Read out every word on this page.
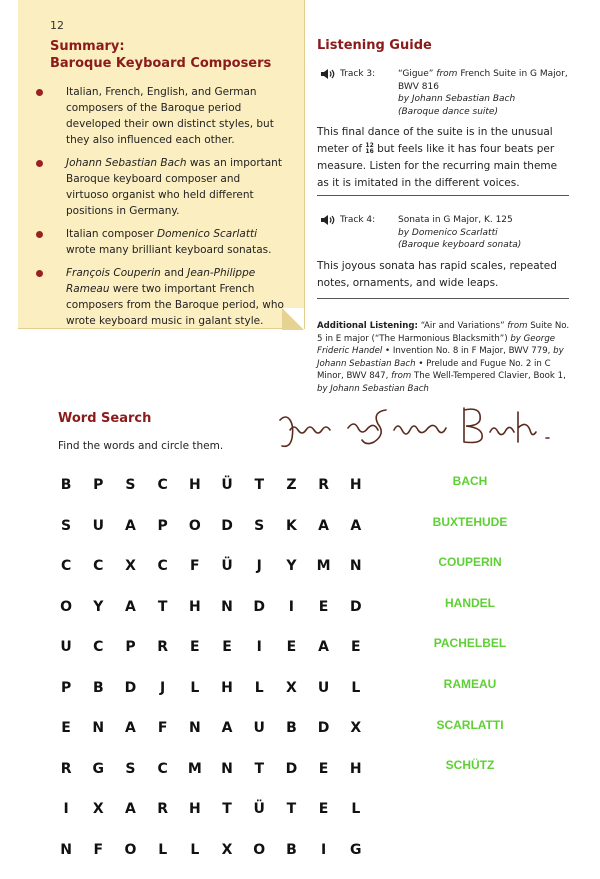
12
Summary:
Baroque Keyboard Composers
Italian, French, English, and German composers of the Baroque period developed their own distinct styles, but they also influenced each other.
Johann Sebastian Bach was an important Baroque keyboard composer and virtuoso organist who held different positions in Germany.
Italian composer Domenico Scarlatti wrote many brilliant keyboard sonatas.
François Couperin and Jean-Philippe Rameau were two important French composers from the Baroque period, who wrote keyboard music in galant style.
Listening Guide
Track 3:	“Gigue” from French Suite in G Major,
BWV 816
by Johann Sebastian Bach
(Baroque dance suite)
This final dance of the suite is in the unusual meter of 12
16 but feels like it has four beats per measure. Listen for the recurring main theme as it is imitated in the different voices.
Track 4:	Sonata in G Major, K. 125
by Domenico Scarlatti
(Baroque keyboard sonata)
This joyous sonata has rapid scales, repeated notes, ornaments, and wide leaps.
Additional Listening: “Air and Variations” from Suite No. 5 in E major (“The Harmonious Blacksmith”) by George Frideric Handel • Invention No. 8 in F Major, BWV 779, by Johann Sebastian Bach • Prelude and Fugue No. 2 in C Minor, BWV 847, from The Well-Tempered Clavier, Book 1, by Johann Sebastian Bach
Word Search
Find the words and circle them.
B P S C H Ü T Z R H
S U A P O D S K A A
C C X C F Ü J Y M N
O Y A T H N D I E D
U C P R E E I E A E
P B D J L H L X U L
E N A F N A U B D X
R G S C M N T D E H
I X A R H T Ü T E L
N F O L L X O B I G
BACH
BUXTEHUDE
COUPERIN
HANDEL
PACHELBEL
RAMEAU
SCARLATTI
SCHÜTZ
